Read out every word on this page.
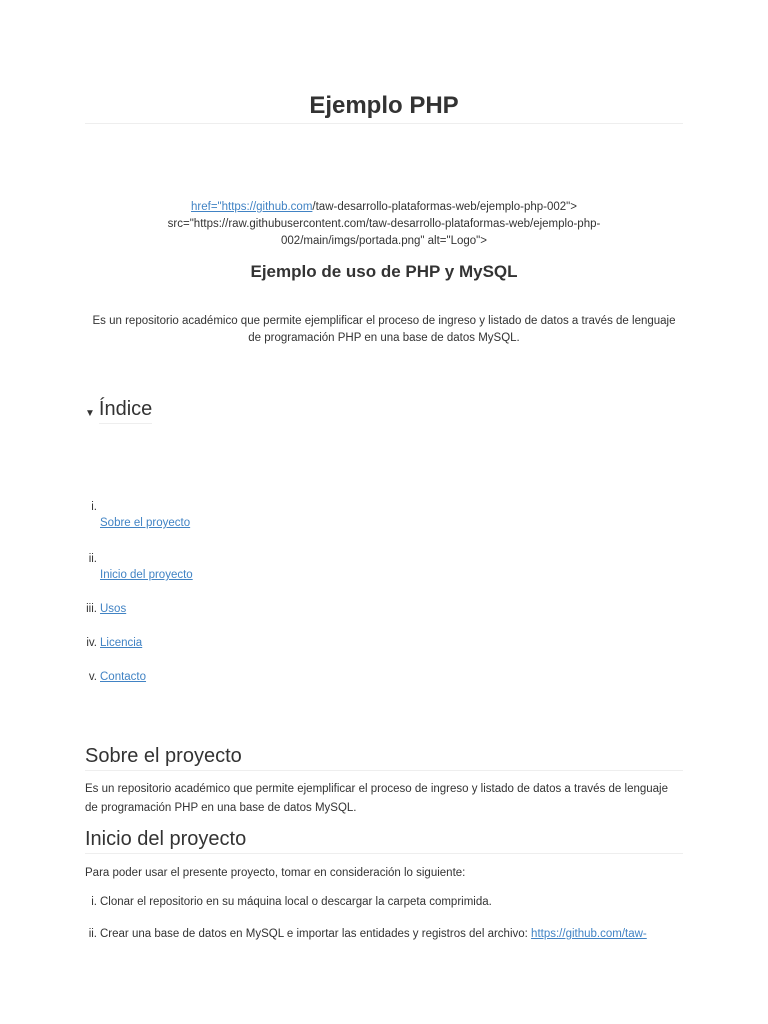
Ejemplo PHP
href="https://github.com/taw-desarrollo-plataformas-web/ejemplo-php-002">
src="https://raw.githubusercontent.com/taw-desarrollo-plataformas-web/ejemplo-php-
002/main/imgs/portada.png" alt="Logo">
Ejemplo de uso de PHP y MySQL

Es un repositorio académico que permite ejemplificar el proceso de ingreso y listado de datos a través de lenguaje de programación PHP en una base de datos MySQL.

▼ Índice
i.
Sobre el proyecto
ii.
Inicio del proyecto
iii. Usos
iv. Licencia
v. Contacto
Sobre el proyecto

Es un repositorio académico que permite ejemplificar el proceso de ingreso y listado de datos a través de lenguaje de programación PHP en una base de datos MySQL.

Inicio del proyecto

Para poder usar el presente proyecto, tomar en consideración lo siguiente:

i. Clonar el repositorio en su máquina local o descargar la carpeta comprimida.
ii. Crear una base de datos en MySQL e importar las entidades y registros del archivo: https://github.com/taw-
